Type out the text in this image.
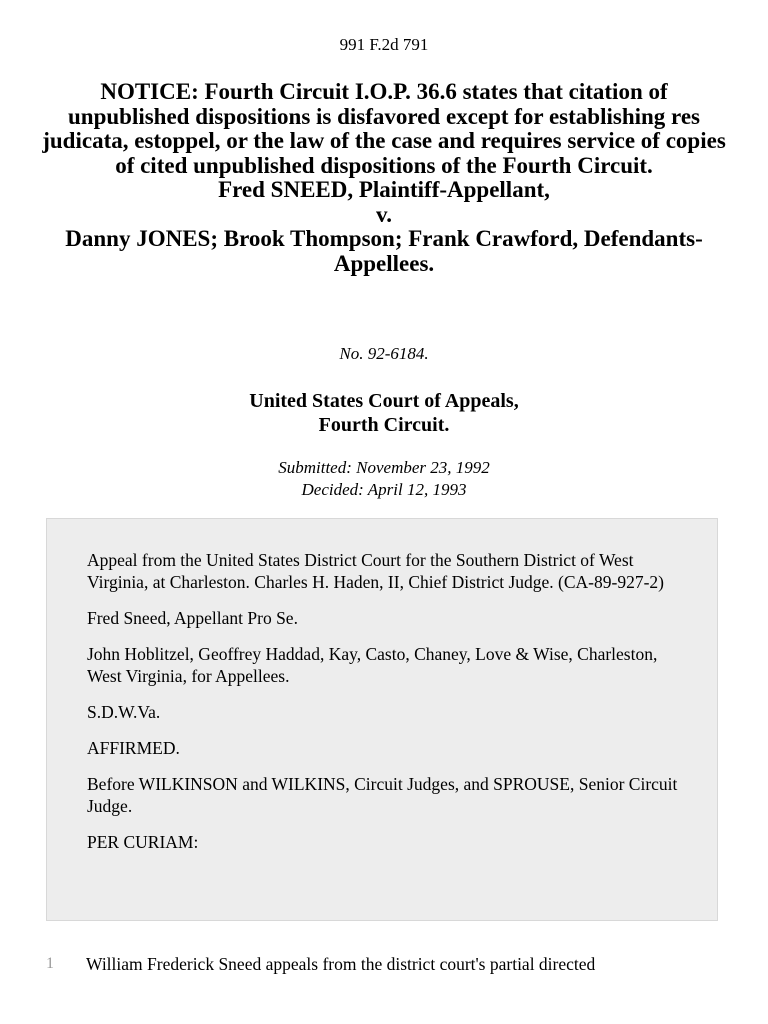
991 F.2d 791
NOTICE: Fourth Circuit I.O.P. 36.6 states that citation of unpublished dispositions is disfavored except for establishing res judicata, estoppel, or the law of the case and requires service of copies of cited unpublished dispositions of the Fourth Circuit.
Fred SNEED, Plaintiff-Appellant,
v.
Danny JONES; Brook Thompson; Frank Crawford, Defendants-Appellees.
No. 92-6184.
United States Court of Appeals,
Fourth Circuit.
Submitted: November 23, 1992
Decided: April 12, 1993

Appeal from the United States District Court for the Southern District of West Virginia, at Charleston. Charles H. Haden, II, Chief District Judge. (CA-89-927-2)

Fred Sneed, Appellant Pro Se.

John Hoblitzel, Geoffrey Haddad, Kay, Casto, Chaney, Love & Wise, Charleston, West Virginia, for Appellees.

S.D.W.Va.

AFFIRMED.

Before WILKINSON and WILKINS, Circuit Judges, and SPROUSE, Senior Circuit Judge.

PER CURIAM:

1 William Frederick Sneed appeals from the district court's partial directed
